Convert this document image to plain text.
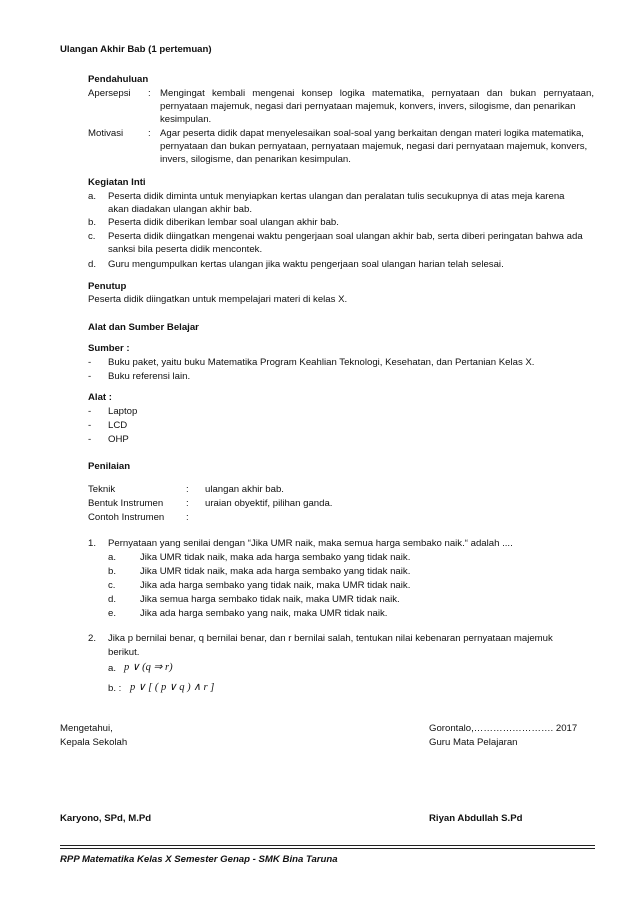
Ulangan Akhir Bab (1 pertemuan)
Pendahuluan
Apersepsi : Mengingat kembali mengenai konsep logika matematika, pernyataan dan bukan pernyataan,
pernyataan majemuk, negasi dari pernyataan majemuk, konvers, invers, silogisme, dan penarikan
kesimpulan.
Motivasi	: Agar peserta didik dapat menyelesaikan soal-soal yang berkaitan dengan materi logika matematika,
pernyataan dan bukan pernyataan, pernyataan majemuk, negasi dari pernyataan majemuk, konvers,
invers, silogisme, dan penarikan kesimpulan.
Kegiatan Inti
a. Peserta didik diminta untuk menyiapkan kertas ulangan dan peralatan tulis secukupnya di atas meja karena
akan diadakan ulangan akhir bab.
b. Peserta didik diberikan lembar soal ulangan akhir bab.
c. Peserta didik diingatkan mengenai waktu pengerjaan soal ulangan akhir bab, serta diberi peringatan bahwa ada
sanksi bila peserta didik mencontek.
d. Guru mengumpulkan kertas ulangan jika waktu pengerjaan soal ulangan harian telah selesai.
Penutup
Peserta didik diingatkan untuk mempelajari materi di kelas X.
Alat dan Sumber Belajar
Sumber :
- Buku paket, yaitu buku Matematika Program Keahlian Teknologi, Kesehatan, dan Pertanian Kelas X.
- Buku referensi lain.
Alat :
- Laptop
- LCD
- OHP
Penilaian
Teknik	: ulangan akhir bab.
Bentuk Instrumen : uraian obyektif, pilihan ganda.
Contoh Instrumen :
1. Pernyataan yang senilai dengan “Jika UMR naik, maka semua harga sembako naik.“ adalah ....
a. Jika UMR tidak naik, maka ada harga sembako yang tidak naik.
b. Jika UMR tidak naik, maka ada harga sembako yang tidak naik.
c.	Jika ada harga sembako yang tidak naik, maka UMR tidak naik.
d. Jika semua harga sembako tidak naik, maka UMR tidak naik.
e. Jika ada harga sembako yang naik, maka UMR tidak naik.
2. Jika p bernilai benar, q bernilai benar, dan r bernilai salah, tentukan nilai kebenaran pernyataan majemuk
berikut.
a. p ∨ (q ⇒ r)
b. : p ∨ [ ( p ∨ q ) ∧ r ]
Mengetahui,
Kepala Sekolah
Gorontalo,……………………. 2017
Guru Mata Pelajaran
Karyono, SPd, M.Pd	Riyan Abdullah S.Pd
RPP Matematika Kelas X Semester Genap - SMK Bina Taruna
